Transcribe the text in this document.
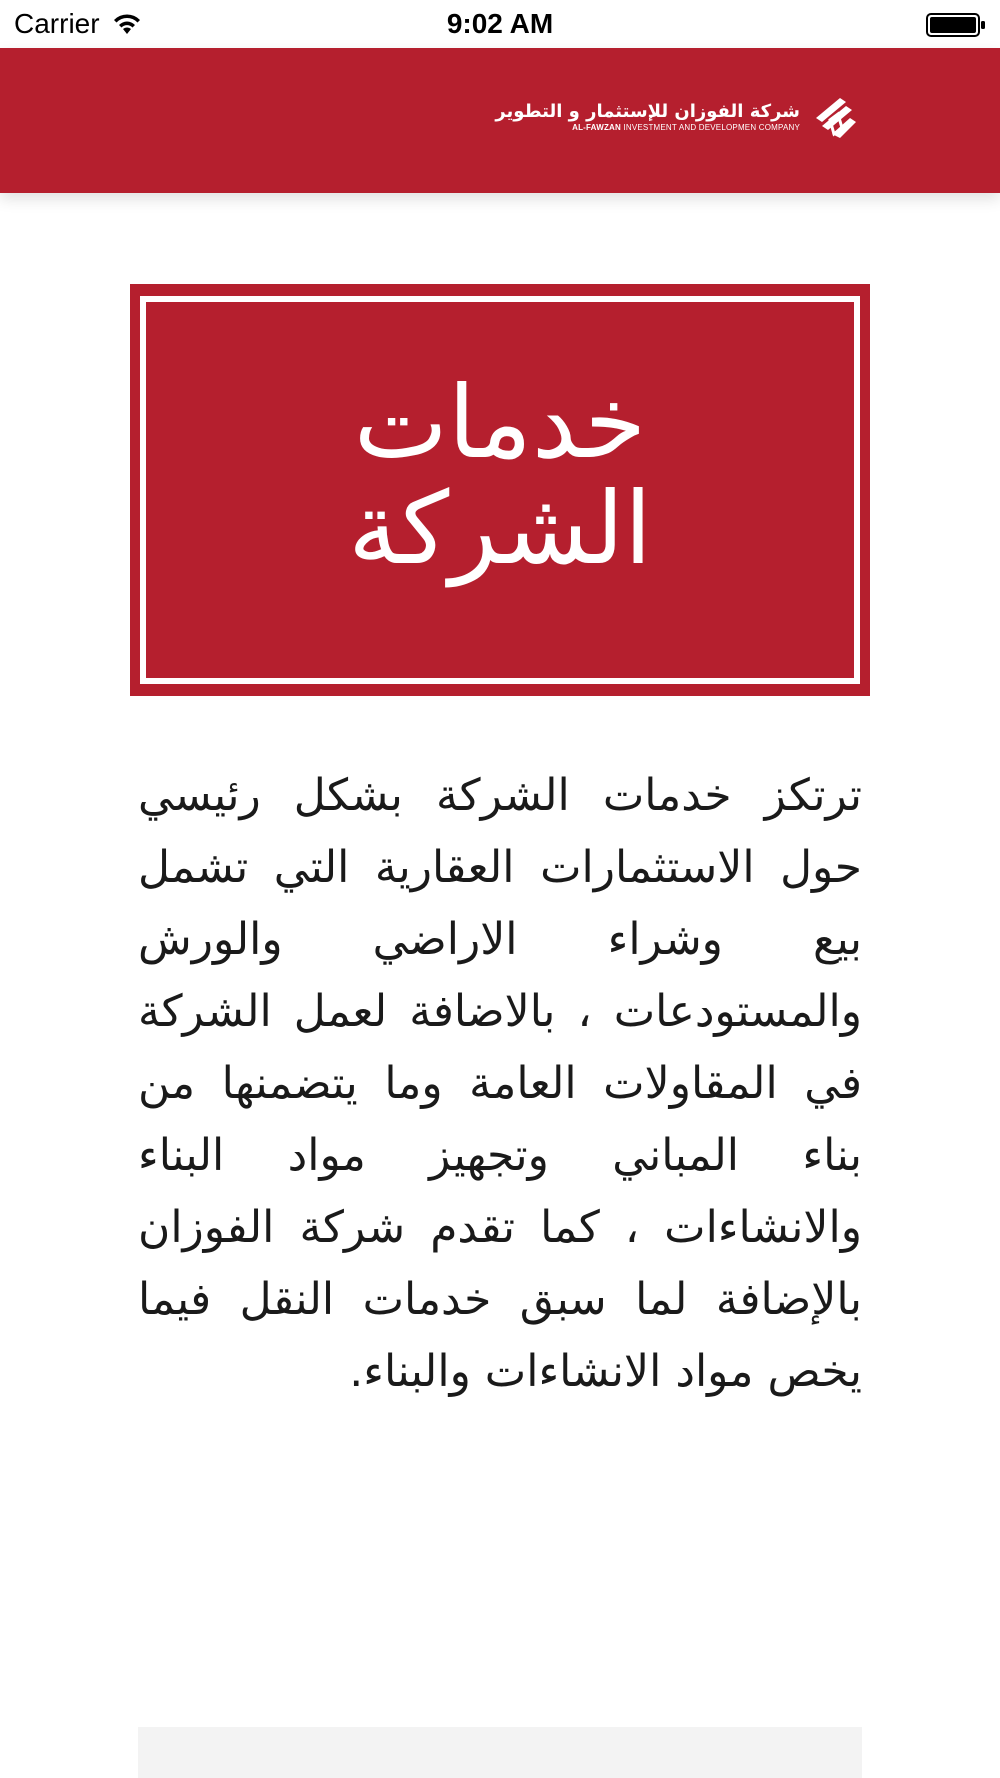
Carrier	9:02 AM
شركة الفوزان للإستثمار و التطوير
AL-FAWZAN INVESTMENT AND DEVELOPMEN COMPANY
خدمات
الشركة
ترتكز خدمات الشركة بشكل رئيسي حول الاستثمارات العقارية التي تشمل بيع وشراء الاراضي والورش والمستودعات ، بالاضافة لعمل الشركة في المقاولات العامة وما يتضمنها من بناء المباني وتجهيز مواد البناء والانشاءات ، كما تقدم شركة الفوزان بالإضافة لما سبق خدمات النقل فيما يخص مواد الانشاءات والبناء.
